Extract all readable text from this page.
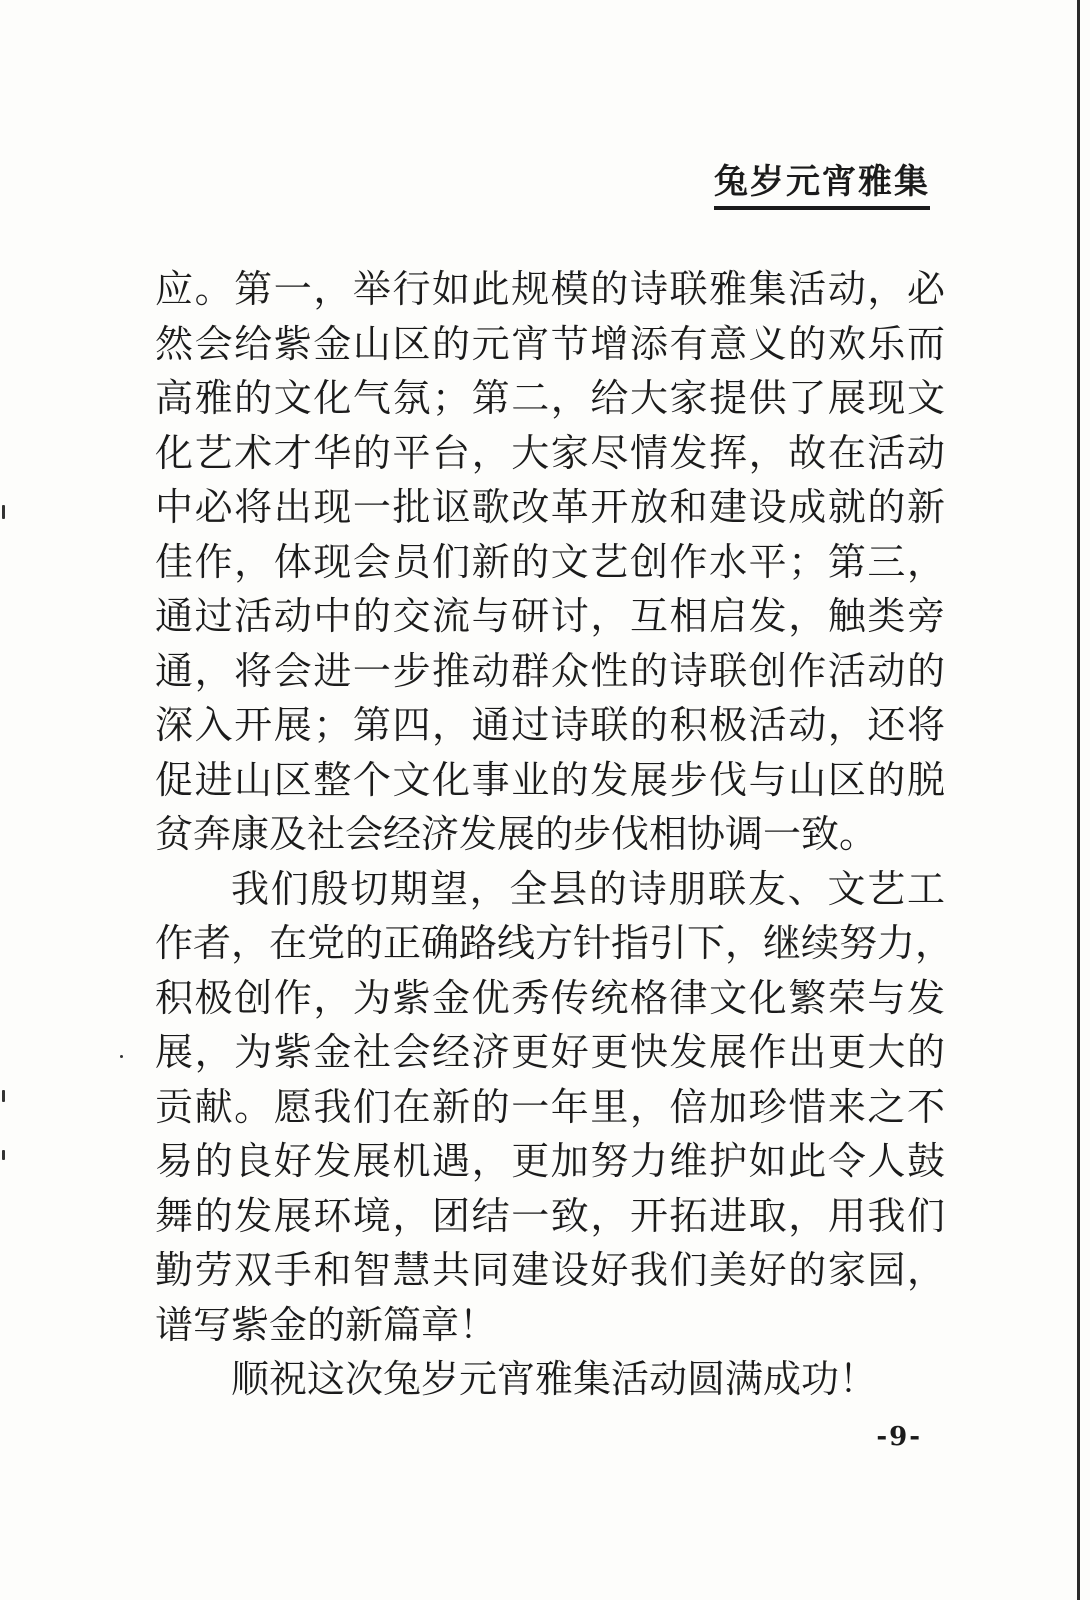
兔岁元宵雅集
应。第一，举行如此规模的诗联雅集活动，必
然会给紫金山区的元宵节增添有意义的欢乐而
高雅的文化气氛；第二，给大家提供了展现文
化艺术才华的平台，大家尽情发挥，故在活动
中必将出现一批讴歌改革开放和建设成就的新
佳作，体现会员们新的文艺创作水平；第三，
通过活动中的交流与研讨，互相启发，触类旁
通，将会进一步推动群众性的诗联创作活动的
深入开展；第四，通过诗联的积极活动，还将
促进山区整个文化事业的发展步伐与山区的脱
贫奔康及社会经济发展的步伐相协调一致。
我们殷切期望，全县的诗朋联友、文艺工
作者，在党的正确路线方针指引下，继续努力，
积极创作，为紫金优秀传统格律文化繁荣与发
展，为紫金社会经济更好更快发展作出更大的
贡献。愿我们在新的一年里，倍加珍惜来之不
易的良好发展机遇，更加努力维护如此令人鼓
舞的发展环境，团结一致，开拓进取，用我们
勤劳双手和智慧共同建设好我们美好的家园，
谱写紫金的新篇章！
顺祝这次兔岁元宵雅集活动圆满成功！
-9-
